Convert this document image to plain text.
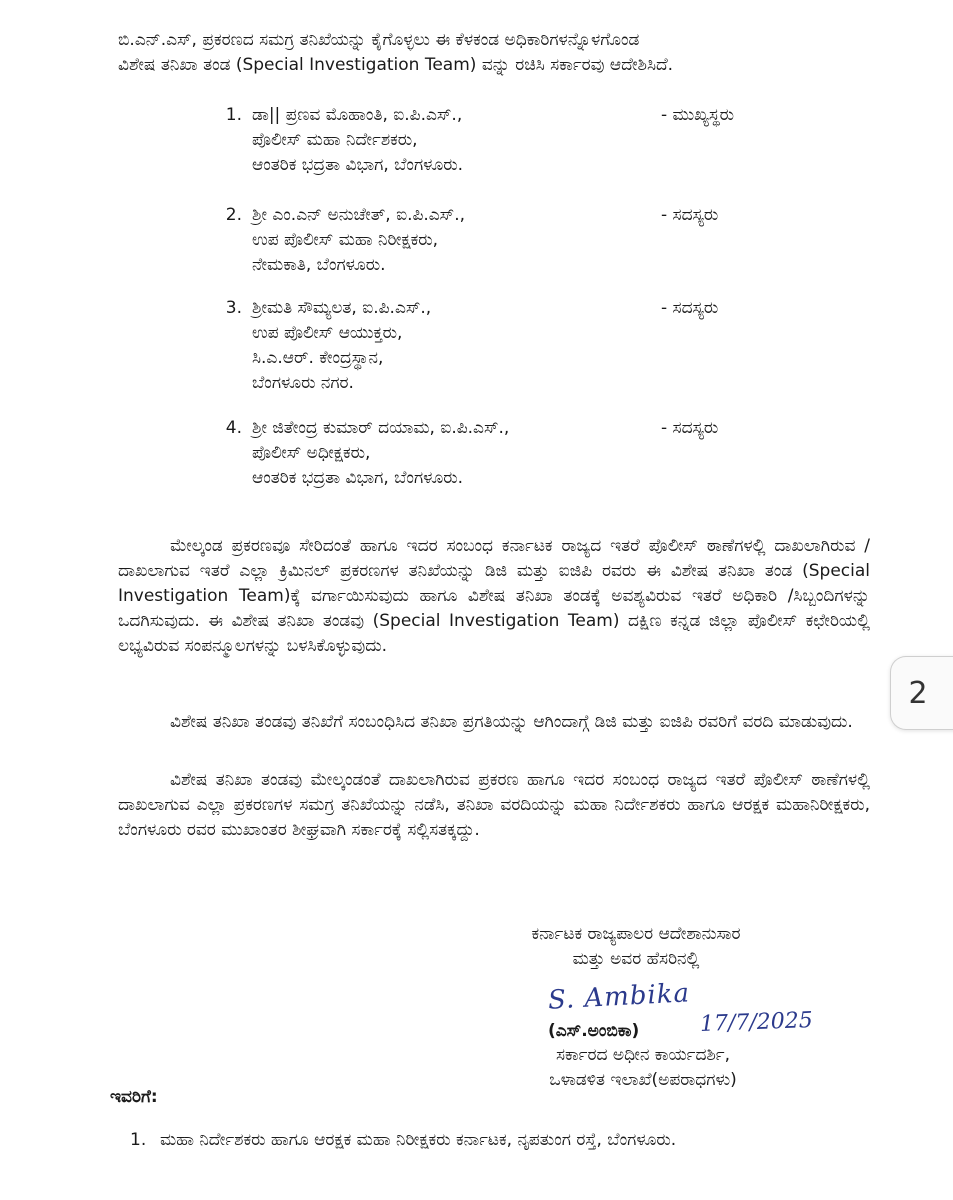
ಬಿ.ಎನ್.ಎಸ್, ಪ್ರಕರಣದ ಸಮಗ್ರ ತನಿಖೆಯನ್ನು ಕೈಗೊಳ್ಳಲು ಈ ಕೆಳಕಂಡ ಅಧಿಕಾರಿಗಳನ್ನೊಳಗೊಂಡ
ವಿಶೇಷ ತನಿಖಾ ತಂಡ (Special Investigation Team) ವನ್ನು ರಚಿಸಿ ಸರ್ಕಾರವು ಆದೇಶಿಸಿದೆ.
1. ಡಾ|| ಪ್ರಣವ ಮೊಹಾಂತಿ, ಐ.ಪಿ.ಎಸ್.,
ಪೊಲೀಸ್ ಮಹಾ ನಿರ್ದೇಶಕರು,
ಆಂತರಿಕ ಭದ್ರತಾ ವಿಭಾಗ, ಬೆಂಗಳೂರು.
- ಮುಖ್ಯಸ್ಥರು
2. ಶ್ರೀ ಎಂ.ಎನ್ ಅನುಚೇತ್, ಐ.ಪಿ.ಎಸ್.,
ಉಪ ಪೊಲೀಸ್ ಮಹಾ ನಿರೀಕ್ಷಕರು,
ನೇಮಕಾತಿ, ಬೆಂಗಳೂರು.
- ಸದಸ್ಯರು
3. ಶ್ರೀಮತಿ ಸೌಮ್ಯಲತ, ಐ.ಪಿ.ಎಸ್.,
ಉಪ ಪೊಲೀಸ್ ಆಯುಕ್ತರು,
ಸಿ.ಎ.ಆರ್. ಕೇಂದ್ರಸ್ಥಾನ,
ಬೆಂಗಳೂರು ನಗರ.
- ಸದಸ್ಯರು
4. ಶ್ರೀ ಜಿತೇಂದ್ರ ಕುಮಾರ್ ದಯಾಮ, ಐ.ಪಿ.ಎಸ್.,
ಪೊಲೀಸ್ ಅಧೀಕ್ಷಕರು,
ಆಂತರಿಕ ಭದ್ರತಾ ವಿಭಾಗ, ಬೆಂಗಳೂರು.
- ಸದಸ್ಯರು
ಮೇಲ್ಕಂಡ ಪ್ರಕರಣವೂ ಸೇರಿದಂತೆ ಹಾಗೂ ಇದರ ಸಂಬಂಧ ಕರ್ನಾಟಕ ರಾಜ್ಯದ ಇತರೆ ಪೊಲೀಸ್ ಠಾಣೆಗಳಲ್ಲಿ ದಾಖಲಾಗಿರುವ / ದಾಖಲಾಗುವ ಇತರೆ ಎಲ್ಲಾ ಕ್ರಿಮಿನಲ್ ಪ್ರಕರಣಗಳ ತನಿಖೆಯನ್ನು ಡಿಜಿ ಮತ್ತು ಐಜಿಪಿ ರವರು ಈ ವಿಶೇಷ ತನಿಖಾ ತಂಡ (Special Investigation Team)ಕ್ಕೆ ವರ್ಗಾಯಿಸುವುದು ಹಾಗೂ ವಿಶೇಷ ತನಿಖಾ ತಂಡಕ್ಕೆ ಅವಶ್ಯವಿರುವ ಇತರೆ ಅಧಿಕಾರಿ /ಸಿಬ್ಬಂದಿಗಳನ್ನು ಒದಗಿಸುವುದು. ಈ ವಿಶೇಷ ತನಿಖಾ ತಂಡವು (Special Investigation Team) ದಕ್ಷಿಣ ಕನ್ನಡ ಜಿಲ್ಲಾ ಪೊಲೀಸ್ ಕಛೇರಿಯಲ್ಲಿ ಲಭ್ಯವಿರುವ ಸಂಪನ್ಮೂಲಗಳನ್ನು ಬಳಸಿಕೊಳ್ಳುವುದು.
ವಿಶೇಷ ತನಿಖಾ ತಂಡವು ತನಿಖೆಗೆ ಸಂಬಂಧಿಸಿದ ತನಿಖಾ ಪ್ರಗತಿಯನ್ನು ಆಗಿಂದಾಗ್ಗೆ ಡಿಜಿ ಮತ್ತು ಐಜಿಪಿ ರವರಿಗೆ ವರದಿ ಮಾಡುವುದು.
ವಿಶೇಷ ತನಿಖಾ ತಂಡವು ಮೇಲ್ಕಂಡಂತೆ ದಾಖಲಾಗಿರುವ ಪ್ರಕರಣ ಹಾಗೂ ಇದರ ಸಂಬಂಧ ರಾಜ್ಯದ ಇತರೆ ಪೊಲೀಸ್ ಠಾಣೆಗಳಲ್ಲಿ ದಾಖಲಾಗುವ ಎಲ್ಲಾ ಪ್ರಕರಣಗಳ ಸಮಗ್ರ ತನಿಖೆಯನ್ನು ನಡೆಸಿ, ತನಿಖಾ ವರದಿಯನ್ನು ಮಹಾ ನಿರ್ದೇಶಕರು ಹಾಗೂ ಆರಕ್ಷಕ ಮಹಾನಿರೀಕ್ಷಕರು, ಬೆಂಗಳೂರು ರವರ ಮುಖಾಂತರ ಶೀಘ್ರವಾಗಿ ಸರ್ಕಾರಕ್ಕೆ ಸಲ್ಲಿಸತಕ್ಕದ್ದು.
2
ಕರ್ನಾಟಕ ರಾಜ್ಯಪಾಲರ ಆದೇಶಾನುಸಾರ
ಮತ್ತು ಅವರ ಹೆಸರಿನಲ್ಲಿ
S. Ambika
17/7/2025
(ಎಸ್.ಅಂಬಿಕಾ)
ಸರ್ಕಾರದ ಅಧೀನ ಕಾರ್ಯದರ್ಶಿ,
ಒಳಾಡಳಿತ ಇಲಾಖೆ(ಅಪರಾಧಗಳು)
ಇವರಿಗೆ:
1. ಮಹಾ ನಿರ್ದೇಶಕರು ಹಾಗೂ ಆರಕ್ಷಕ ಮಹಾ ನಿರೀಕ್ಷಕರು ಕರ್ನಾಟಕ, ನೃಪತುಂಗ ರಸ್ತೆ, ಬೆಂಗಳೂರು.
